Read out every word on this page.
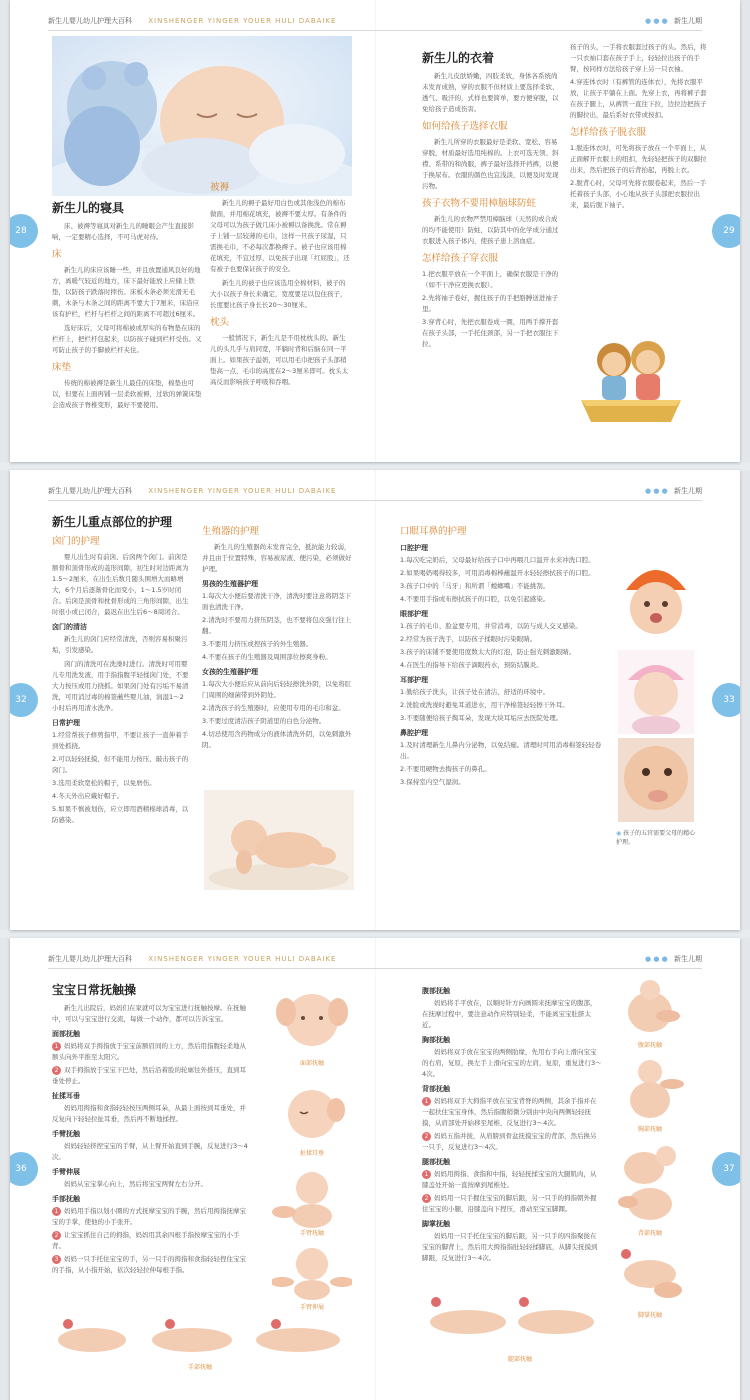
新生儿婴儿幼儿护理大百科 XINSHENGER YINGER YOUER HULI DABAIKE	● ● ● 新生儿期
28	29
新生儿的寝具
床、被褥等寝具对新生儿的睡眠会产生直接影响，一定要精心选择，不可马虎对待。
床
新生儿的床应该睡一些，并且放置通风良好的地方，离暖气较近的地方，床下最好能放上应储上铁垫，以防孩子跌落时摔伤。床板木条必须光滑无毛刺，木条与木条之间的距离不要大于7厘米，床沿应该有护栏，栏杆与栏杆之间的距离不可超过6厘米。
选好床后，父母可将棉被或厚实的布物垫在床的栏杆上，把栏杆包起来，以防孩子碰到栏杆受伤。又可防止孩子的手脚被栏杆夹住。
床垫
传统的棉被褥是新生儿最佳的床垫，棉垫也可以，但要在上面再铺一层柔软被褥，过软的弹簧床垫会造成孩子脊椎变形，最好不要使用。
被褥
新生儿的褥子最好用白色或其他浅色的棉布做面，并用棉花填充，被褥不要太厚。有条件的父母可以为孩子做几床小被褥以备换洗。常在褥子上铺一层较薄的毛巾，这样一旦孩子尿湿，只需换毛巾，不必每次都换褥子。被子也应该用棉花填充，不宜过厚，以免孩子出现「红屁股」，还有被子也要保证孩子的安全。
新生儿的被子也应该选用全棉材料，被子的大小以孩子身长来确定，宽度要足以包住孩子，长度要比孩子身长长20～30厘米。
枕头
一般情况下，新生儿是不用枕枕头的。新生儿的头几乎与肩同宽，平躺时背和后脑在同一平面上。如果孩子溢奶，可以用毛巾把孩子头部稍垫高一点，毛巾的高度在2～3厘米即可。枕头太高反而影响孩子呼吸和吞咽。
新生儿的衣着
新生儿皮肤娇嫩，四肢柔软，身体各系统尚未发育成熟，穿的衣服不但材质上要选择柔软、透气、吸汗的，式样也要简单，要方便穿脱，以免给孩子造成伤害。
如何给孩子选择衣服
新生儿所穿的衣服最好是柔软、宽松、容易穿脱，材质最好选用纯棉的。上衣可选无领、斜襟、系带的和尚服，裤子最好选择开裆裤，以便于换尿布。衣服的颜色也宜浅淡，以便及时发现污物。
孩子衣物不要用樟脑球防蛀
新生儿的衣物严禁用樟脑球（天然的或合成的均不能使用）防蛀，以防其中的化学成分通过衣服进入孩子体内，使孩子患上溶血症。
怎样给孩子穿衣服
1.把衣服平放在一个平面上，确保衣服是干净的（如不干净应更换衣服）。
2.先将袖子卷好，握住孩子的手把胳膊送进袖子里。
3.穿背心时，先把衣服卷成一圈，用两手撑开套在孩子头部，一手托住颈部，另一手把衣服往下拉。
孩子的头，一手将衣服套过孩子的头。然后，将一只衣袖口套在孩子手上，轻轻拉出孩子的手臂，按同样方法给孩子穿上另一只衣袖。
4.穿连体衣时（有裤管的连体衣），先将衣服平放，让孩子平躺在上面。先穿上衣，再将裤子套在孩子腿上，从裤管一直往下拉，边拉边把孩子的脚拉出，最后系好衣带或按扣。
怎样给孩子脱衣服
1.脱连体衣时，可先将孩子放在一个平面上，从正面解开衣服上的纽扣，先轻轻把孩子的双脚拉出来，然后把孩子的后背抬起，再脱上衣。
2.脱背心时，父母可先将衣服卷起来，然后一手托着孩子头部，小心地从孩子头部把衣服拉出来，最后脱下袖子。
新生儿婴儿幼儿护理大百科 XINSHENGER YINGER YOUER HULI DABAIKE	● ● ● 新生儿期
32	33
新生儿重点部位的护理
囟门的护理
婴儿出生时有前囟、后囟两个囟门。前囟是额骨和顶骨形成的菱形间隙，初生时对边距离为1.5～2厘米，在出生后数月随头围增大而略增大，6个月后逐渐骨化而变小，1～1.5岁时闭合。后囟是顶骨和枕骨形成的三角形间隙，出生时很小或已闭合，最迟在出生后6～8周闭合。
囟门的清洁
新生儿的囟门应经常清洗，否则容易积聚污垢，引发感染。
囟门的清洗可在洗澡时进行。清洗时可用婴儿专用洗发液，用手指指腹平轻揉囟门处，不要大力按压或用力挠抓。如果囟门处有污垢不易清洗，可用消过毒的棉签蘸些婴儿油，润湿1～2小时后再用清水洗净。
日常护理
1.经常帮孩子修剪指甲，不要让孩子一直伸着手到处抓挠。
2.可以轻轻抚摸，但不能用力按压、敲击孩子的囟门。
3.选用柔软宽松的帽子，以免磨伤。
4.冬天外出应戴好帽子。
5.如果不慎被划伤，应立即用酒精棉球消毒，以防感染。
生殖器的护理
新生儿的生殖器尚未发育完全，抵抗能力较弱，并且由于位置特殊，容易被尿液、便污染，必须做好护理。
男孩的生殖器护理
1.每次大小便后要清洗干净，清洗时要注意将阴茎下面也清洗干净。
2.清洗时不要用力挤压阴茎，也不要将包皮强行往上翻。
3.不要用力挤压或捏孩子的外生殖器。
4.不要在孩子的生殖器及周围部位擦爽身粉。
女孩的生殖器护理
1.每次大小便后应从前向后轻轻擦洗外阴，以免将肛门周围的细菌带到外阴处。
2.清洗孩子的生殖器时，应使用专用的毛巾和盆。
3.不要过度清洁孩子阴道里的白色分泌物。
4.切忌使用含药物成分的液体清洗外阴，以免刺激外阴。
口眼耳鼻的护理
口腔护理
1.每次吃完奶后，父母最好给孩子口中再喂几口温开水来冲洗口腔。
2.如果喝奶喝得较多，可用消毒棉棒蘸温开水轻轻擦拭孩子的口腔。
3.孩子口中的「马牙」和所谓「螳螂嘴」不能挑刮。
4.不要用手指或布擦拭孩子的口腔，以免引起感染。
眼部护理
1.孩子的毛巾、脸盆要专用，并常消毒，以防与成人交叉感染。
2.经常为孩子洗手，以防孩子揉眼时污染眼睛。
3.孩子的床铺不要使用度数太大的灯泡，防止强光刺激眼睛。
4.在医生的指导下给孩子滴眼药水，预防结膜炎。
耳部护理
1.勤给孩子洗头，让孩子处在清洁、舒适的环境中。
2.洗脸或洗澡时避免耳道进水，用干净棉签轻轻擦干外耳。
3.不要随便给孩子掏耳朵，发现大块耳垢应去医院处理。
鼻腔护理
1.及时清理新生儿鼻内分泌物，以免结痂。清理时可用消毒棉签轻轻卷出。
2.不要用硬物去掏孩子的鼻孔。
3.保持室内空气湿润。
◉ 孩子的五官需要父母的精心护理。
新生儿婴儿幼儿护理大百科 XINSHENGER YINGER YOUER HULI DABAIKE	● ● ● 新生儿期
36	37
宝宝日常抚触操
新生儿出院后，妈妈们在家就可以为宝宝进行抚触按摩。在抚触中，可以与宝宝进行交流，每做一个动作，都可以告诉宝宝。
面部抚触
1 妈妈将双手拇指放于宝宝前额眉间的上方，然后用指腹轻柔地从额头向外平推至太阳穴。
2 双手拇指放于宝宝下巴处，然后沿着脸的轮廓往外推压，直到耳垂处停止。
扯揉耳垂
妈妈用拇指和食指轻轻按压两侧耳朵，从最上面按到耳垂处，并反复向下轻轻拉扯耳垂，然后再不断地揉捏。
手臂抚触
妈妈轻轻挤捏宝宝的手臂，从上臂开始直到手腕，反复进行3～4次。
手臂伸展
妈妈从宝宝掌心向上，然后将宝宝两臂左右分开。
手部抚触
1 妈妈用手指以划小圈的方式抚摩宝宝的手腕，然后用拇指抚摩宝宝的手掌，使他的小手张开。
2 让宝宝抓住自己的拇指，妈妈用其余四根手指按摩宝宝的小手背。
3 妈妈一只手托住宝宝的手，另一只手的拇指和食指轻轻捏住宝宝的手指，从小指开始，依次轻轻拉伸每根手指。
面部抚触
扯揉耳垂
手臂抚触
手臂伸展
手部抚触
腹部抚触
妈妈将手平放在，以顺时针方向画圆来抚摩宝宝的腹部，在抚摩过程中，要注意动作应特别轻柔，不能离宝宝肚脐太近。
胸部抚触
妈妈将双手放在宝宝的两侧肋缘，先用右手向上滑向宝宝的右肩，复原，换左手上滑向宝宝的左肩，复原，重复进行3～4次。
背部抚触
1 妈妈将双手大拇指平放在宝宝背脊的两侧，其余手指并在一起扶住宝宝身体，然后指腹稍微分别由中央向两侧轻轻抚摸，从肩部处开始移至尾椎，反复进行3～4次。
2 妈妈五指并拢，从肩膀到骨盆抚摸宝宝的背部，然后换另一只手，反复进行3～4次。
腿部抚触
1 妈妈用拇指、食指和中指，轻轻抚揉宝宝的大腿肌肉，从膝盖处开始一直按摩到尾椎处。
2 妈妈用一只手握住宝宝的脚后跟，另一只手的拇指朝外握住宝宝的小腿，沿膝盖向下捏压，滑动至宝宝脚踝。
脚掌抚触
妈妈用一只手托住宝宝的脚后跟，另一只手的四指聚拢在宝宝的脚背上，然后用大拇指指肚轻轻揉脚底，从脚尖抚摸到脚跟，反复进行3～4次。
腹部抚触
胸部抚触
背部抚触
脚掌抚触
腿部抚触
